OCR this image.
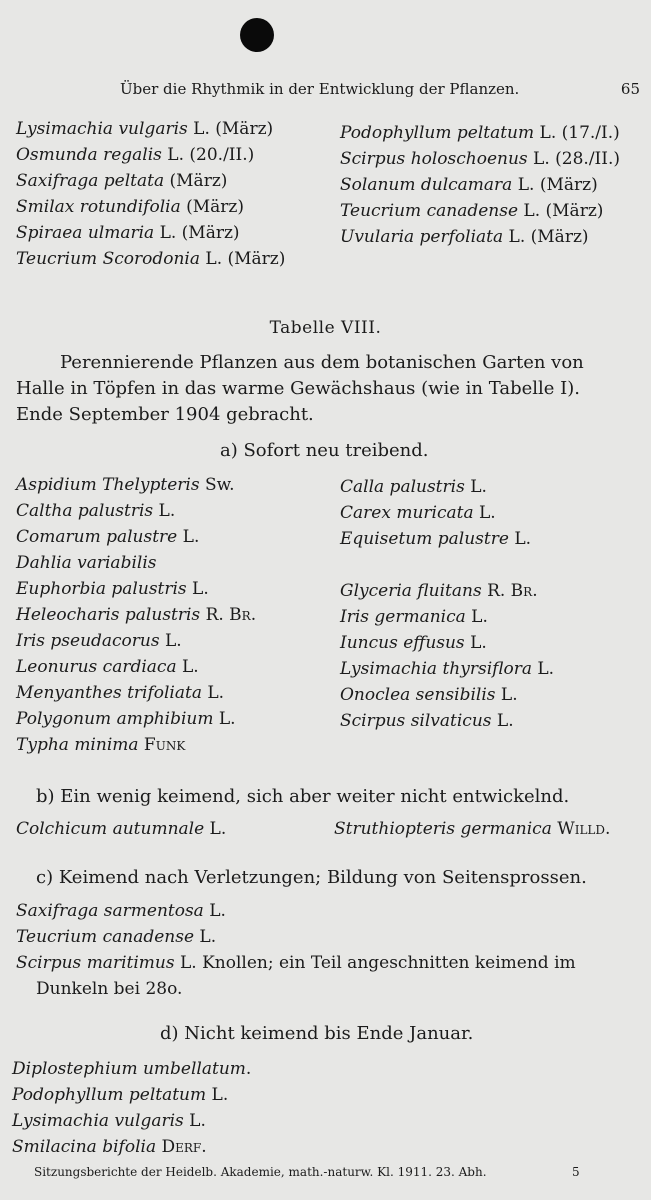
Über die Rhythmik in der Entwicklung der Pflanzen.	65
Lysimachia vulgaris L. (März)
Osmunda regalis L. (20./II.)
Saxifraga peltata (März)
Smilax rotundifolia (März)
Spiraea ulmaria L. (März)
Teucrium Scorodonia L. (März)
Podophyllum peltatum L. (17./I.)
Scirpus holoschoenus L. (28./II.)
Solanum dulcamara L. (März)
Teucrium canadense L. (März)
Uvularia perfoliata L. (März)
Tabelle VIII.
Perennierende Pflanzen aus dem botanischen Garten von
Halle in Töpfen in das warme Gewächshaus (wie in Tabelle I).
Ende September 1904 gebracht.
a) Sofort neu treibend.
Aspidium Thelypteris Sw.
Caltha palustris L.
Comarum palustre L.
Dahlia variabilis
Euphorbia palustris L.
Heleocharis palustris R. Br.
Iris pseudacorus L.
Leonurus cardiaca L.
Menyanthes trifoliata L.
Polygonum amphibium L.
Typha minima Funk
Calla palustris L.
Carex muricata L.
Equisetum palustre L.

Glyceria fluitans R. Br.
Iris germanica L.
Iuncus effusus L.
Lysimachia thyrsiflora L.
Onoclea sensibilis L.
Scirpus silvaticus L.
b) Ein wenig keimend, sich aber weiter nicht entwickelnd.
Colchicum autumnale L.	Struthiopteris germanica Willd.
c) Keimend nach Verletzungen; Bildung von Seitensprossen.
Saxifraga sarmentosa L.
Teucrium canadense L.
Scirpus maritimus L. Knollen; ein Teil angeschnitten keimend im
Dunkeln bei 28o.
d) Nicht keimend bis Ende Januar.
Diplostephium umbellatum.
Podophyllum peltatum L.
Lysimachia vulgaris L.
Smilacina bifolia Derf.
Sitzungsberichte der Heidelb. Akademie, math.-naturw. Kl. 1911. 23. Abh.	5
